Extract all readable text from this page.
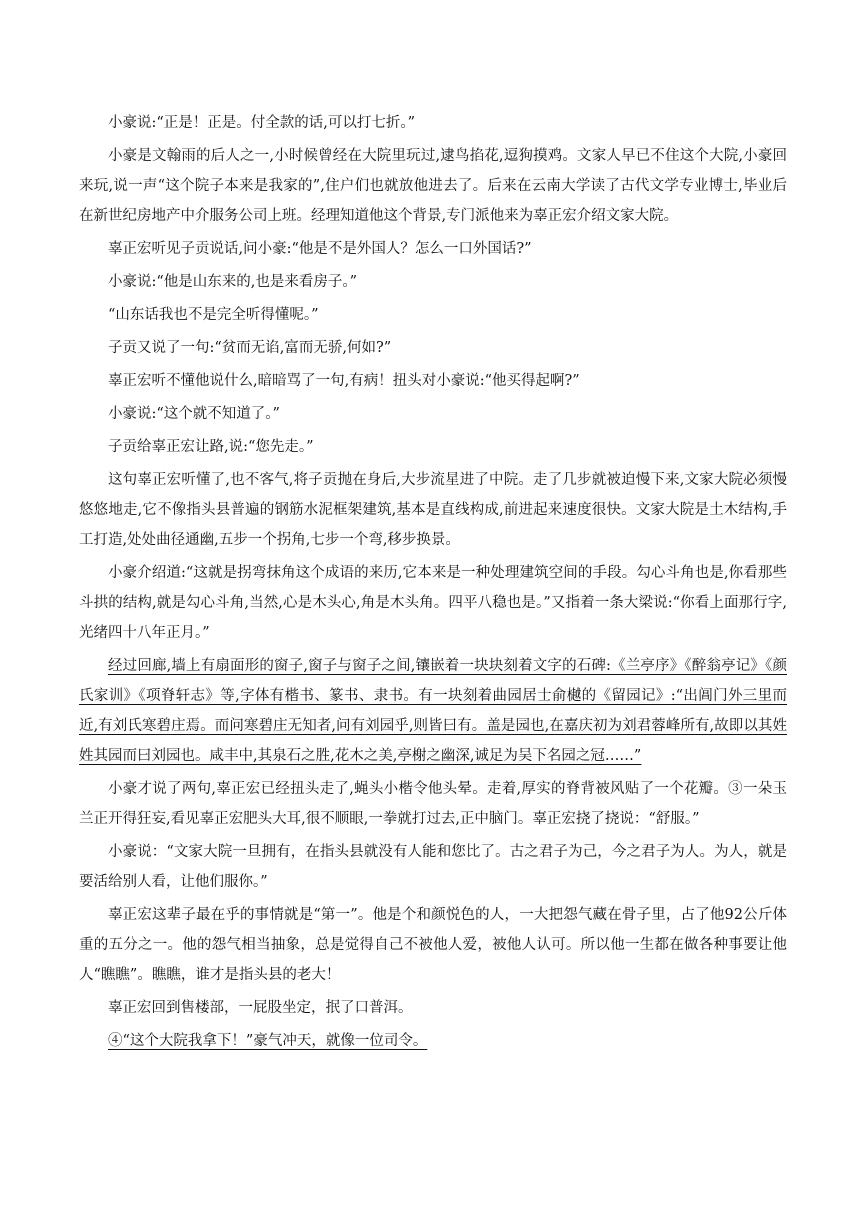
小豪说:“正是！正是。付全款的话,可以打七折。”

小豪是文翰雨的后人之一,小时候曾经在大院里玩过,逮鸟掐花,逗狗摸鸡。文家人早已不住这个大院,小豪回来玩,说一声“这个院子本来是我家的”,住户们也就放他进去了。后来在云南大学读了古代文学专业博士,毕业后在新世纪房地产中介服务公司上班。经理知道他这个背景,专门派他来为辜正宏介绍文家大院。

辜正宏听见子贡说话,问小豪:“他是不是外国人？怎么一口外国话?”

小豪说:“他是山东来的,也是来看房子。”

“山东话我也不是完全听得懂呢。”

子贡又说了一句:“贫而无谄,富而无骄,何如?”

辜正宏听不懂他说什么,暗暗骂了一句,有病！扭头对小豪说:“他买得起啊?”

小豪说:“这个就不知道了。”

子贡给辜正宏让路,说:“您先走。”

这句辜正宏听懂了,也不客气,将子贡抛在身后,大步流星进了中院。走了几步就被迫慢下来,文家大院必须慢悠悠地走,它不像指头县普遍的钢筋水泥框架建筑,基本是直线构成,前进起来速度很快。文家大院是土木结构,手工打造,处处曲径通幽,五步一个拐角,七步一个弯,移步换景。

小豪介绍道:“这就是拐弯抹角这个成语的来历,它本来是一种处理建筑空间的手段。勾心斗角也是,你看那些斗拱的结构,就是勾心斗角,当然,心是木头心,角是木头角。四平八稳也是。”又指着一条大梁说:“你看上面那行字,光绪四十八年正月。”

经过回廊,墙上有扇面形的窗子,窗子与窗子之间,镶嵌着一块块刻着文字的石碑:《兰亭序》《醉翁亭记》《颜氏家训》《项脊轩志》等,字体有楷书、篆书、隶书。有一块刻着曲园居士俞樾的《留园记》:“出阊门外三里而近,有刘氏寒碧庄焉。而问寒碧庄无知者,问有刘园乎,则皆曰有。盖是园也,在嘉庆初为刘君蓉峰所有,故即以其姓姓其园而曰刘园也。咸丰中,其泉石之胜,花木之美,亭榭之幽深,诚足为吴下名园之冠……”

小豪才说了两句,辜正宏已经扭头走了,蝇头小楷令他头晕。走着,厚实的脊背被风贴了一个花瓣。③一朵玉兰正开得狂妄,看见辜正宏肥头大耳,很不顺眼,一拳就打过去,正中脑门。辜正宏挠了挠说：“舒服。”

小豪说：“文家大院一旦拥有，在指头县就没有人能和您比了。古之君子为己，今之君子为人。为人，就是要活给别人看，让他们服你。”

辜正宏这辈子最在乎的事情就是“第一”。他是个和颜悦色的人，一大把怨气藏在骨子里，占了他92公斤体重的五分之一。他的怨气相当抽象，总是觉得自己不被他人爱，被他人认可。所以他一生都在做各种事要让他人“瞧瞧”。瞧瞧，谁才是指头县的老大！

辜正宏回到售楼部，一屁股坐定，抿了口普洱。

④“这个大院我拿下！”豪气冲天，就像一位司令。
